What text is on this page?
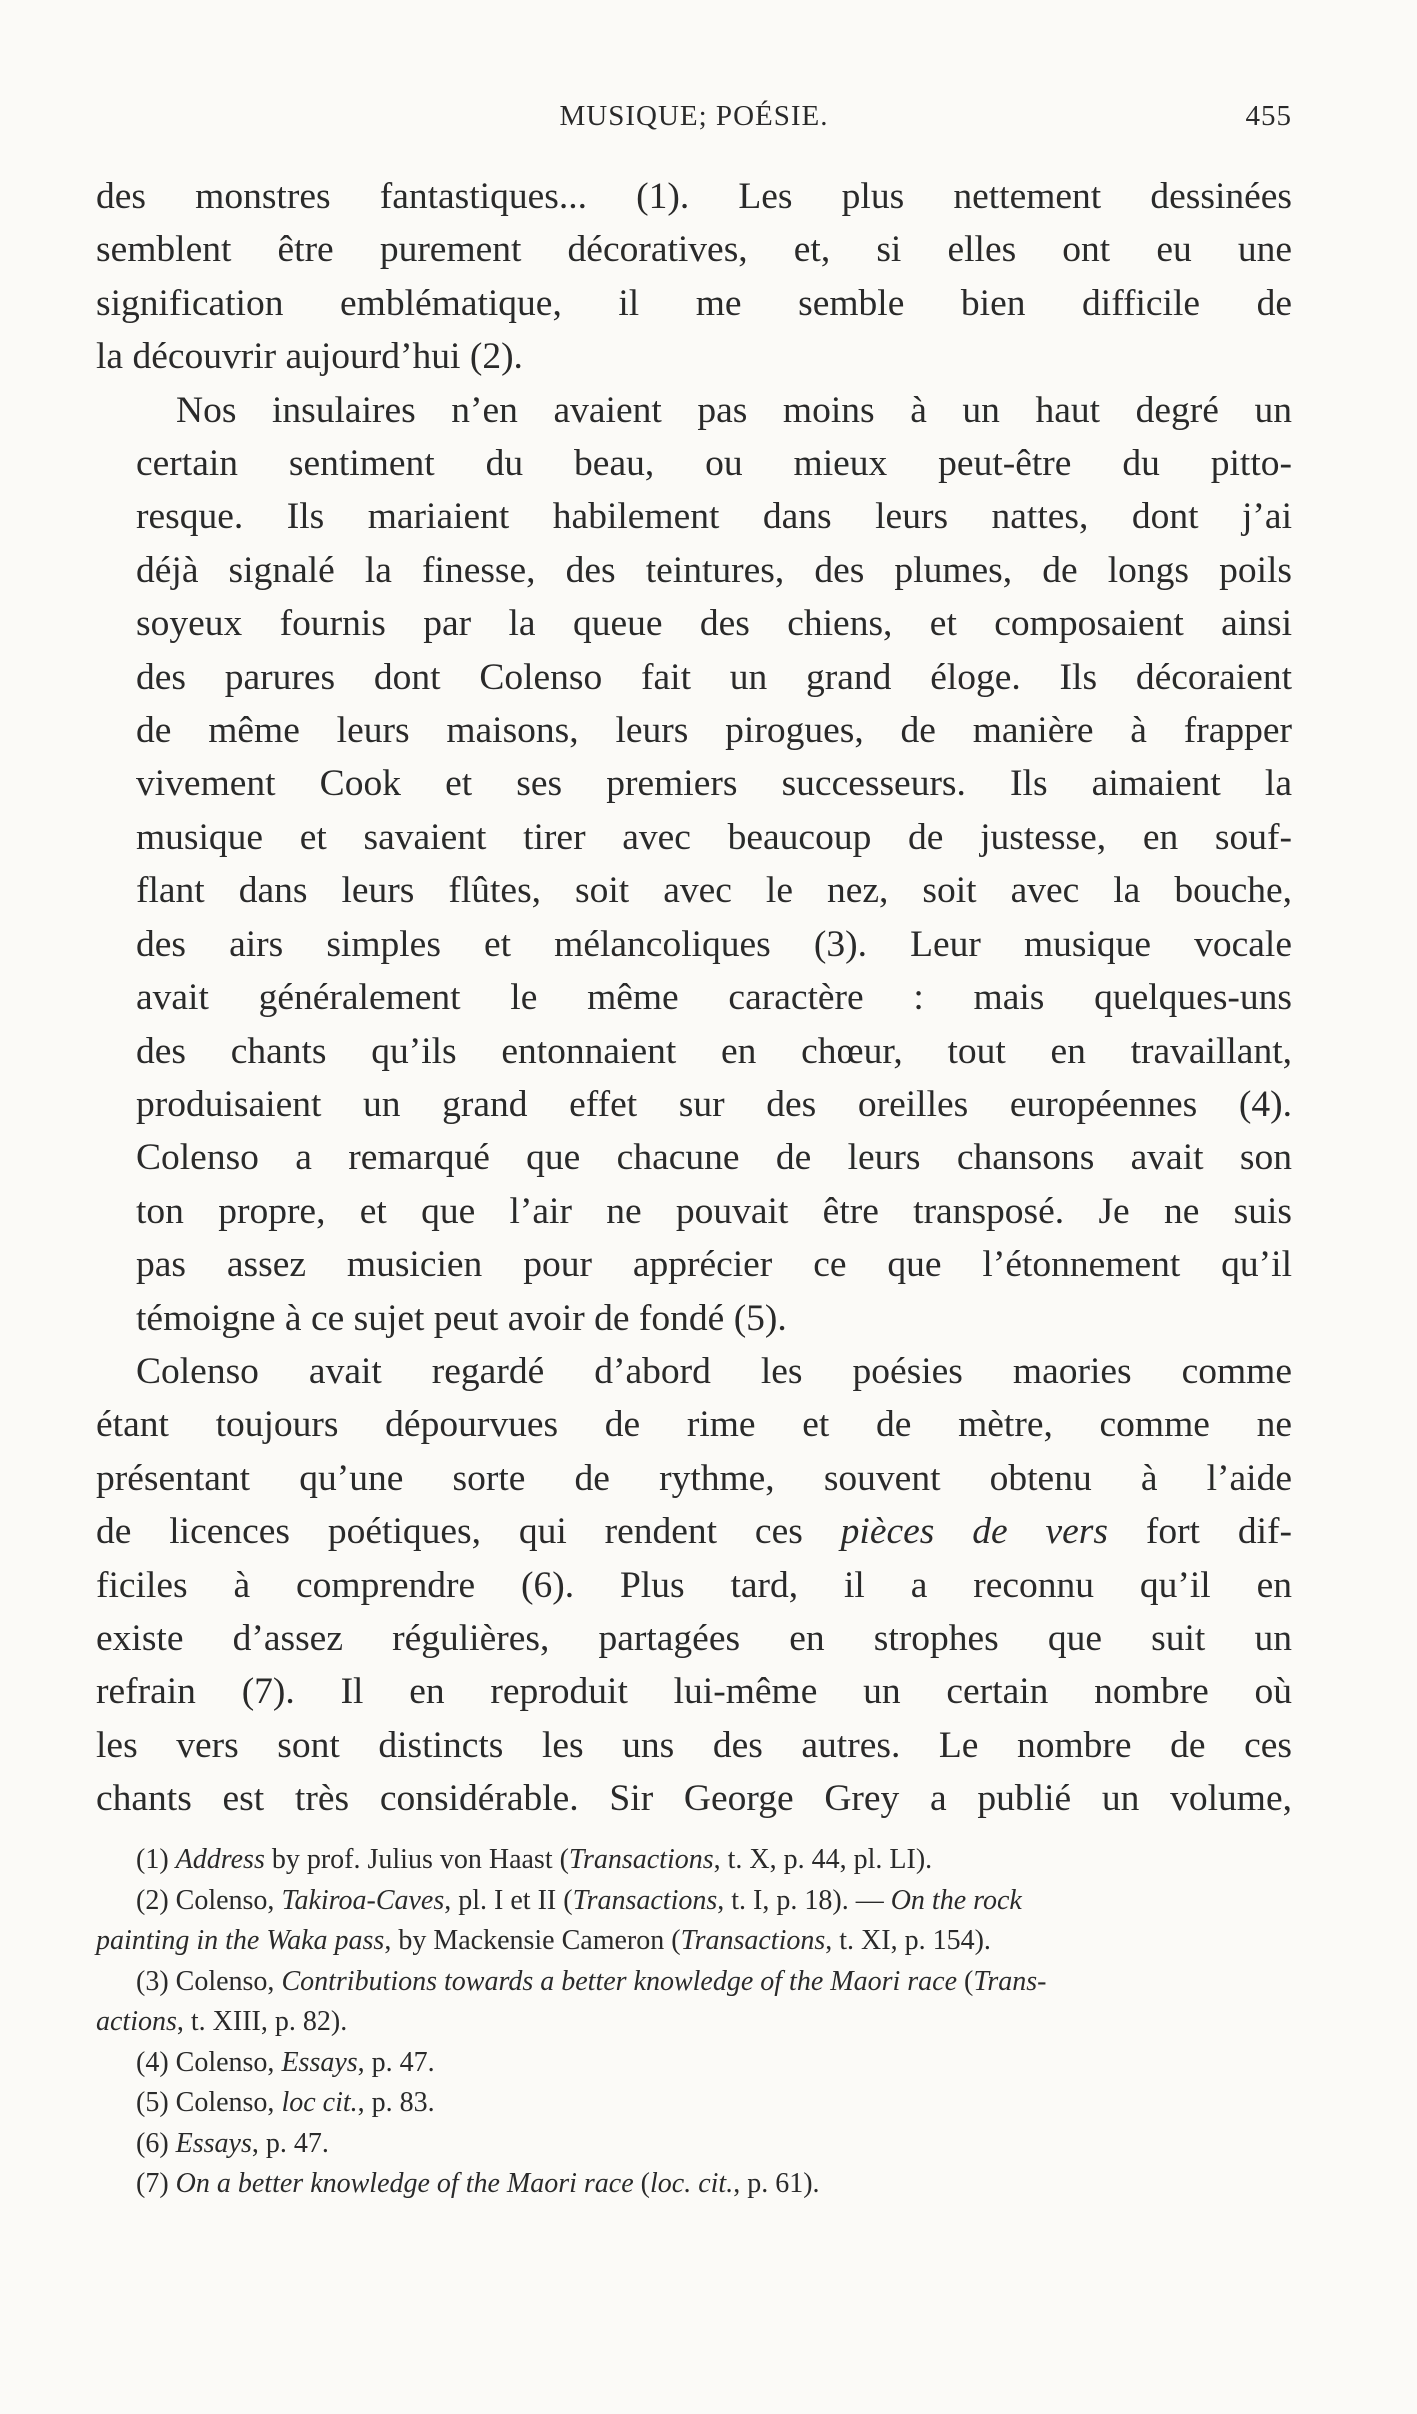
MUSIQUE; POÉSIE.	455

des monstres fantastiques... (1). Les plus nettement dessinées
semblent être purement décoratives, et, si elles ont eu une
signification emblématique, il me semble bien difficile de
la découvrir aujourd’hui (2).

Nos insulaires n’en avaient pas moins à un haut degré un
certain sentiment du beau, ou mieux peut-être du pitto-
resque. Ils mariaient habilement dans leurs nattes, dont j’ai
déjà signalé la finesse, des teintures, des plumes, de longs poils
soyeux fournis par la queue des chiens, et composaient ainsi
des parures dont Colenso fait un grand éloge. Ils décoraient
de même leurs maisons, leurs pirogues, de manière à frapper
vivement Cook et ses premiers successeurs. Ils aimaient la
musique et savaient tirer avec beaucoup de justesse, en souf-
flant dans leurs flûtes, soit avec le nez, soit avec la bouche,
des airs simples et mélancoliques (3). Leur musique vocale
avait généralement le même caractère : mais quelques-uns
des chants qu’ils entonnaient en chœur, tout en travaillant,
produisaient un grand effet sur des oreilles européennes (4).
Colenso a remarqué que chacune de leurs chansons avait son
ton propre, et que l’air ne pouvait être transposé. Je ne suis
pas assez musicien pour apprécier ce que l’étonnement qu’il
témoigne à ce sujet peut avoir de fondé (5).

Colenso avait regardé d’abord les poésies maories comme
étant toujours dépourvues de rime et de mètre, comme ne
présentant qu’une sorte de rythme, souvent obtenu à l’aide
de licences poétiques, qui rendent ces pièces de vers fort dif-
ficiles à comprendre (6). Plus tard, il a reconnu qu’il en
existe d’assez régulières, partagées en strophes que suit un
refrain (7). Il en reproduit lui-même un certain nombre où
les vers sont distincts les uns des autres. Le nombre de ces
chants est très considérable. Sir George Grey a publié un volume,

(1) Address by prof. Julius von Haast (Transactions, t. X, p. 44, pl. LI).

(2) Colenso, Takiroa-Caves, pl. I et II (Transactions, t. I, p. 18). — On the rock
painting in the Waka pass, by Mackensie Cameron (Transactions, t. XI, p. 154).

(3) Colenso, Contributions towards a better knowledge of the Maori race (Trans-
actions, t. XIII, p. 82).

(4) Colenso, Essays, p. 47.

(5) Colenso, loc cit., p. 83.

(6) Essays, p. 47.

(7) On a better knowledge of the Maori race (loc. cit., p. 61).
